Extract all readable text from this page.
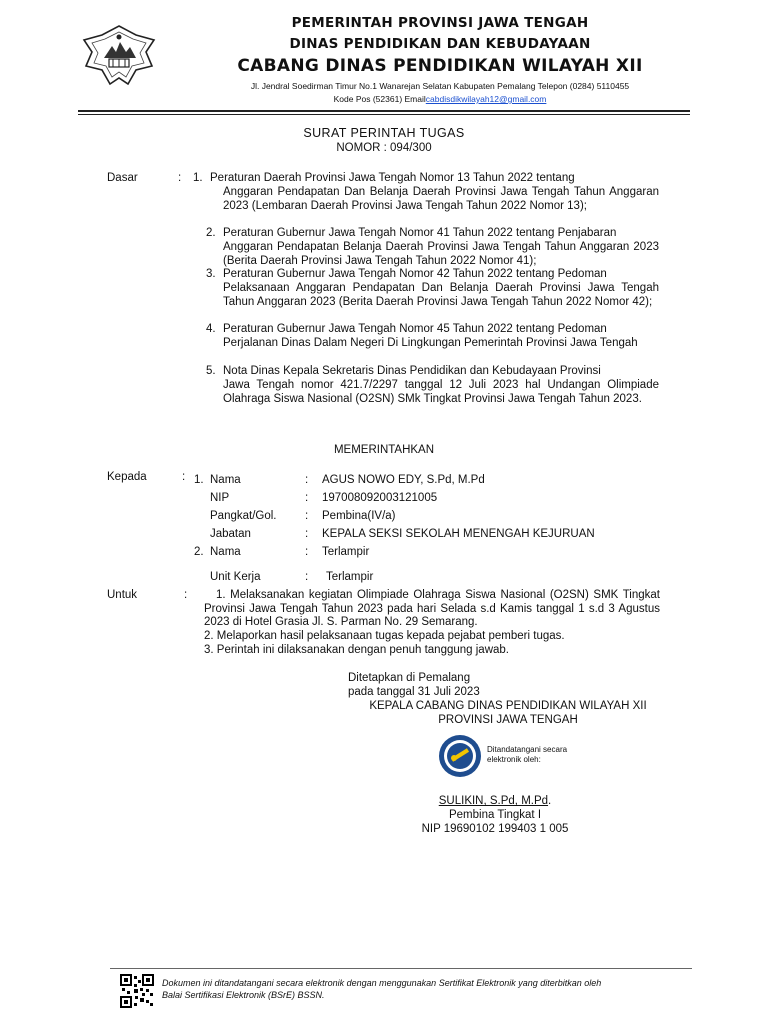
PEMERINTAH PROVINSI JAWA TENGAH
DINAS PENDIDIKAN DAN KEBUDAYAAN
CABANG DINAS PENDIDIKAN WILAYAH XII
Jl. Jendral Soedirman Timur No.1 Wanarejan Selatan Kabupaten Pemalang Telepon (0284) 5110455
Kode Pos (52361) Emailcabdisdikwilayah12@gmail.com
SURAT PERINTAH TUGAS
NOMOR : 094/300
Dasar	: 1. Peraturan Daerah Provinsi Jawa Tengah Nomor 13 Tahun 2022 tentang
Anggaran Pendapatan Dan Belanja Daerah Provinsi Jawa Tengah Tahun Anggaran 2023 (Lembaran Daerah Provinsi Jawa Tengah Tahun 2022 Nomor 13);
2. Peraturan Gubernur Jawa Tengah Nomor 41 Tahun 2022 tentang Penjabaran
Anggaran Pendapatan Belanja Daerah Provinsi Jawa Tengah Tahun Anggaran 2023 (Berita Daerah Provinsi Jawa Tengah Tahun 2022 Nomor 41);
3. Peraturan Gubernur Jawa Tengah Nomor 42 Tahun 2022 tentang Pedoman
Pelaksanaan Anggaran Pendapatan Dan Belanja Daerah Provinsi Jawa Tengah Tahun Anggaran 2023 (Berita Daerah Provinsi Jawa Tengah Tahun 2022 Nomor 42);
4. Peraturan Gubernur Jawa Tengah Nomor 45 Tahun 2022 tentang Pedoman
Perjalanan Dinas Dalam Negeri Di Lingkungan Pemerintah Provinsi Jawa Tengah
5. Nota Dinas Kepala Sekretaris Dinas Pendidikan dan Kebudayaan Provinsi
Jawa Tengah nomor 421.7/2297 tanggal 12 Juli 2023 hal Undangan Olimpiade Olahraga Siswa Nasional (O2SN) SMk Tingkat Provinsi Jawa Tengah Tahun 2023.
MEMERINTAHKAN
Kepada	: 1. Nama	: AGUS NOWO EDY, S.Pd, M.Pd
NIP	: 197008092003121005
Pangkat/Gol. : Pembina(IV/a)
Jabatan	: KEPALA SEKSI SEKOLAH MENENGAH KEJURUAN
2. Nama	: Terlampir
Unit Kerja	: Terlampir
Untuk	:	1. Melaksanakan kegiatan Olimpiade Olahraga Siswa Nasional (O2SN) SMK Tingkat Provinsi Jawa Tengah Tahun 2023 pada hari Selada s.d Kamis tanggal 1 s.d 3 Agustus 2023 di Hotel Grasia Jl. S. Parman No. 29 Semarang.
2. Melaporkan hasil pelaksanaan tugas kepada pejabat pemberi tugas.
3. Perintah ini dilaksanakan dengan penuh tanggung jawab.
Ditetapkan di Pemalang
pada tanggal 31 Juli 2023
KEPALA CABANG DINAS PENDIDIKAN WILAYAH XII
PROVINSI JAWA TENGAH
Ditandatangani secara
elektronik oleh:
SULIKIN, S.Pd, M.Pd.
Pembina Tingkat I
NIP 19690102 199403 1 005
Dokumen ini ditandatangani secara elektronik dengan menggunakan Sertifikat Elektronik yang diterbitkan oleh
Balai Sertifikasi Elektronik (BSrE) BSSN.
